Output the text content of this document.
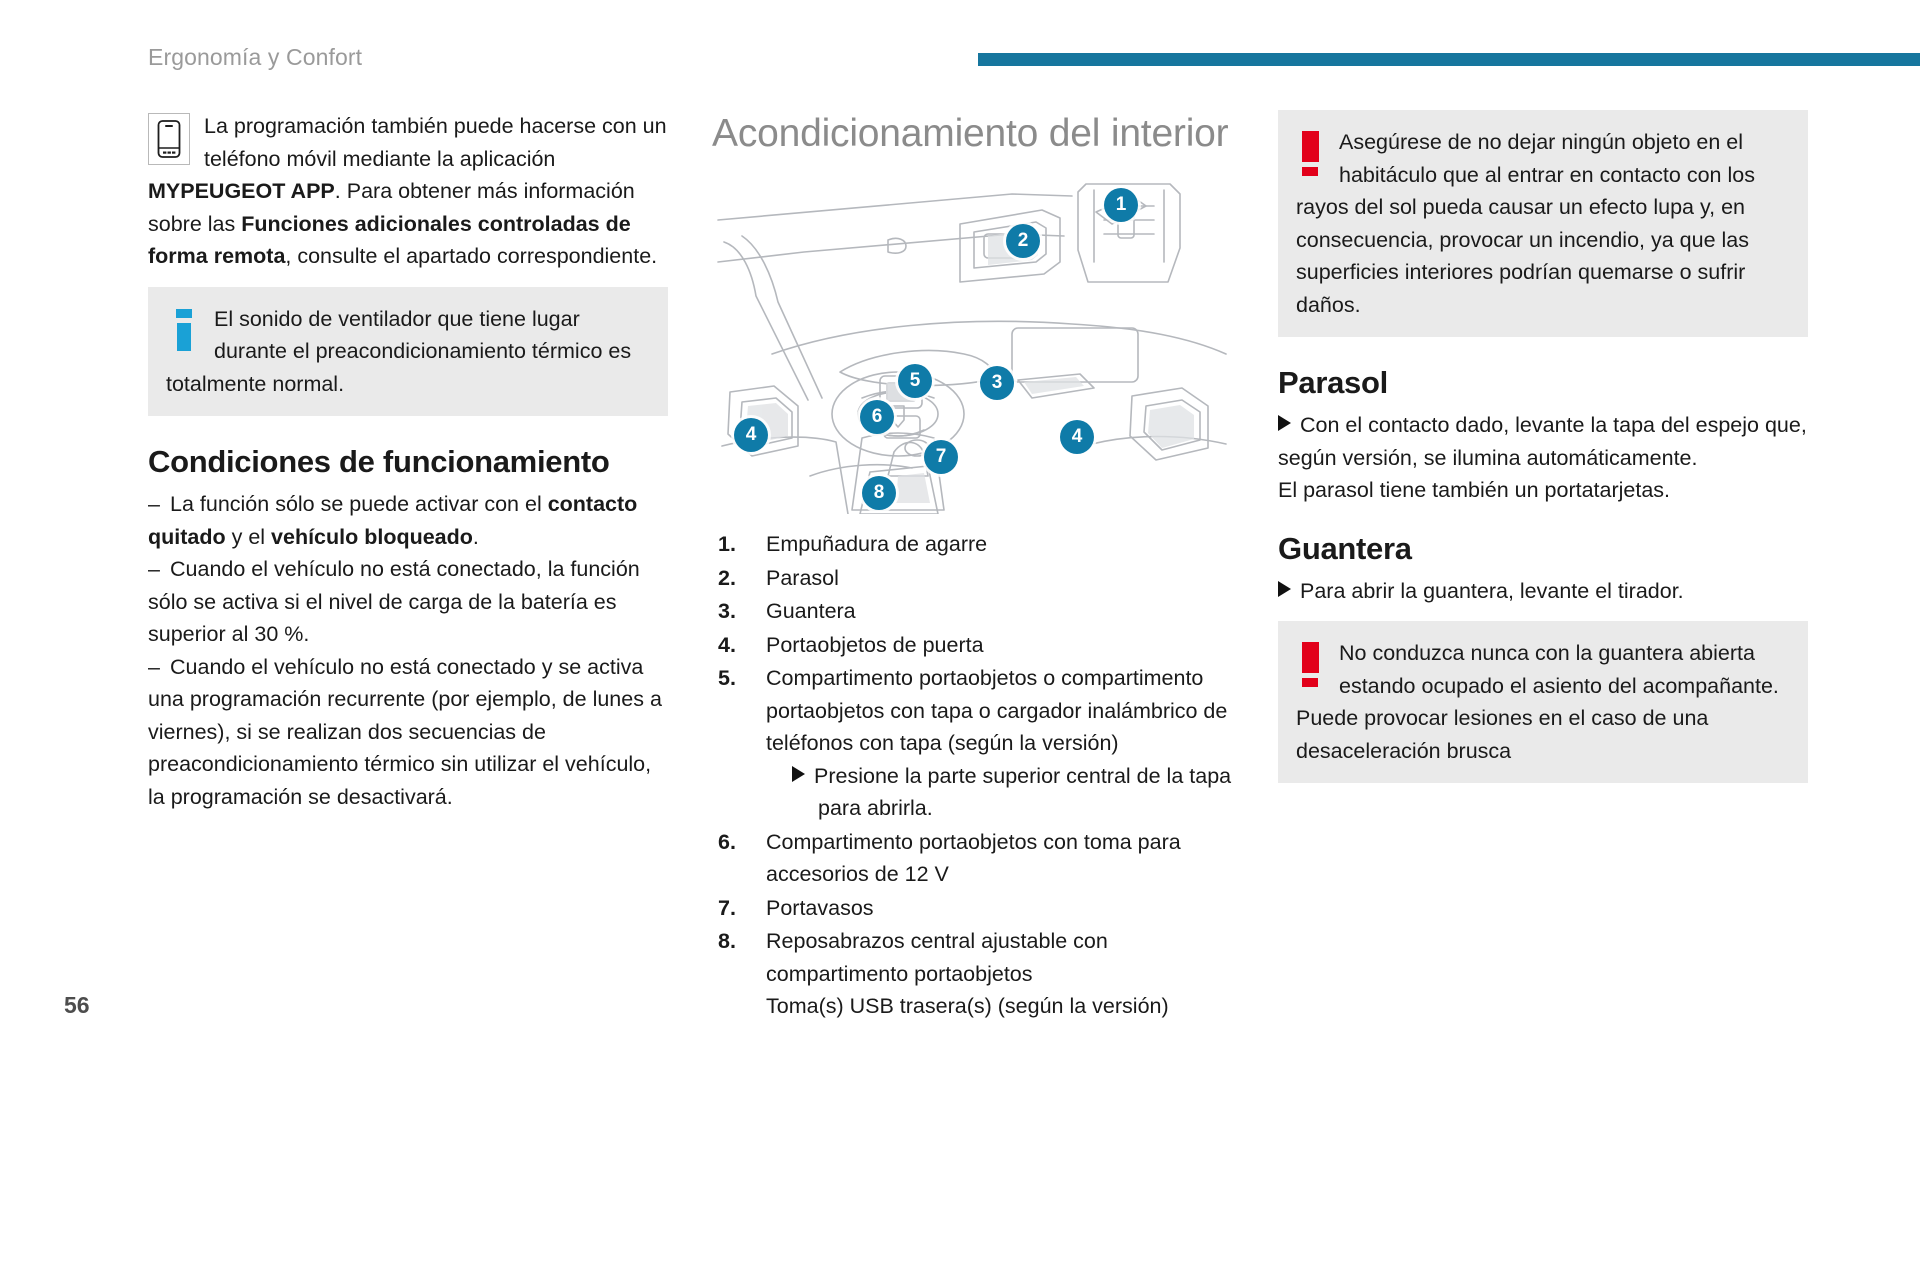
Ergonomía y Confort
La programación también puede hacerse con un teléfono móvil mediante la aplicación MYPEUGEOT APP. Para obtener más información sobre las Funciones adicionales controladas de forma remota, consulte el apartado correspondiente.
El sonido de ventilador que tiene lugar durante el preacondicionamiento térmico es totalmente normal.
Condiciones de funcionamiento

– La función sólo se puede activar con el contacto quitado y el vehículo bloqueado.

– Cuando el vehículo no está conectado, la función sólo se activa si el nivel de carga de la batería es superior al 30 %.

– Cuando el vehículo no está conectado y se activa una programación recurrente (por ejemplo, de lunes a viernes), si se realizan dos secuencias de preacondicionamiento térmico sin utilizar el vehículo, la programación se desactivará.

Acondicionamiento del interior
1
2
3
4	4
5
6
7
8
Empuñadura de agarre
Parasol
Guantera
Portaobjetos de puerta
Compartimento portaobjetos o compartimento portaobjetos con tapa o cargador inalámbrico de teléfonos con tapa (según la versión)
Presione la parte superior central de la tapa para abrirla.
Compartimento portaobjetos con toma para accesorios de 12 V
Portavasos
Reposabrazos central ajustable con compartimento portaobjetos
Toma(s) USB trasera(s) (según la versión)
Asegúrese de no dejar ningún objeto en el habitáculo que al entrar en contacto con los rayos del sol pueda causar un efecto lupa y, en consecuencia, provocar un incendio, ya que las superficies interiores podrían quemarse o sufrir daños.
Parasol

Con el contacto dado, levante la tapa del espejo que, según versión, se ilumina automáticamente.

El parasol tiene también un portatarjetas.

Guantera

Para abrir la guantera, levante el tirador.

No conduzca nunca con la guantera abierta estando ocupado el asiento del acompañante. Puede provocar lesiones en el caso de una desaceleración brusca
56
